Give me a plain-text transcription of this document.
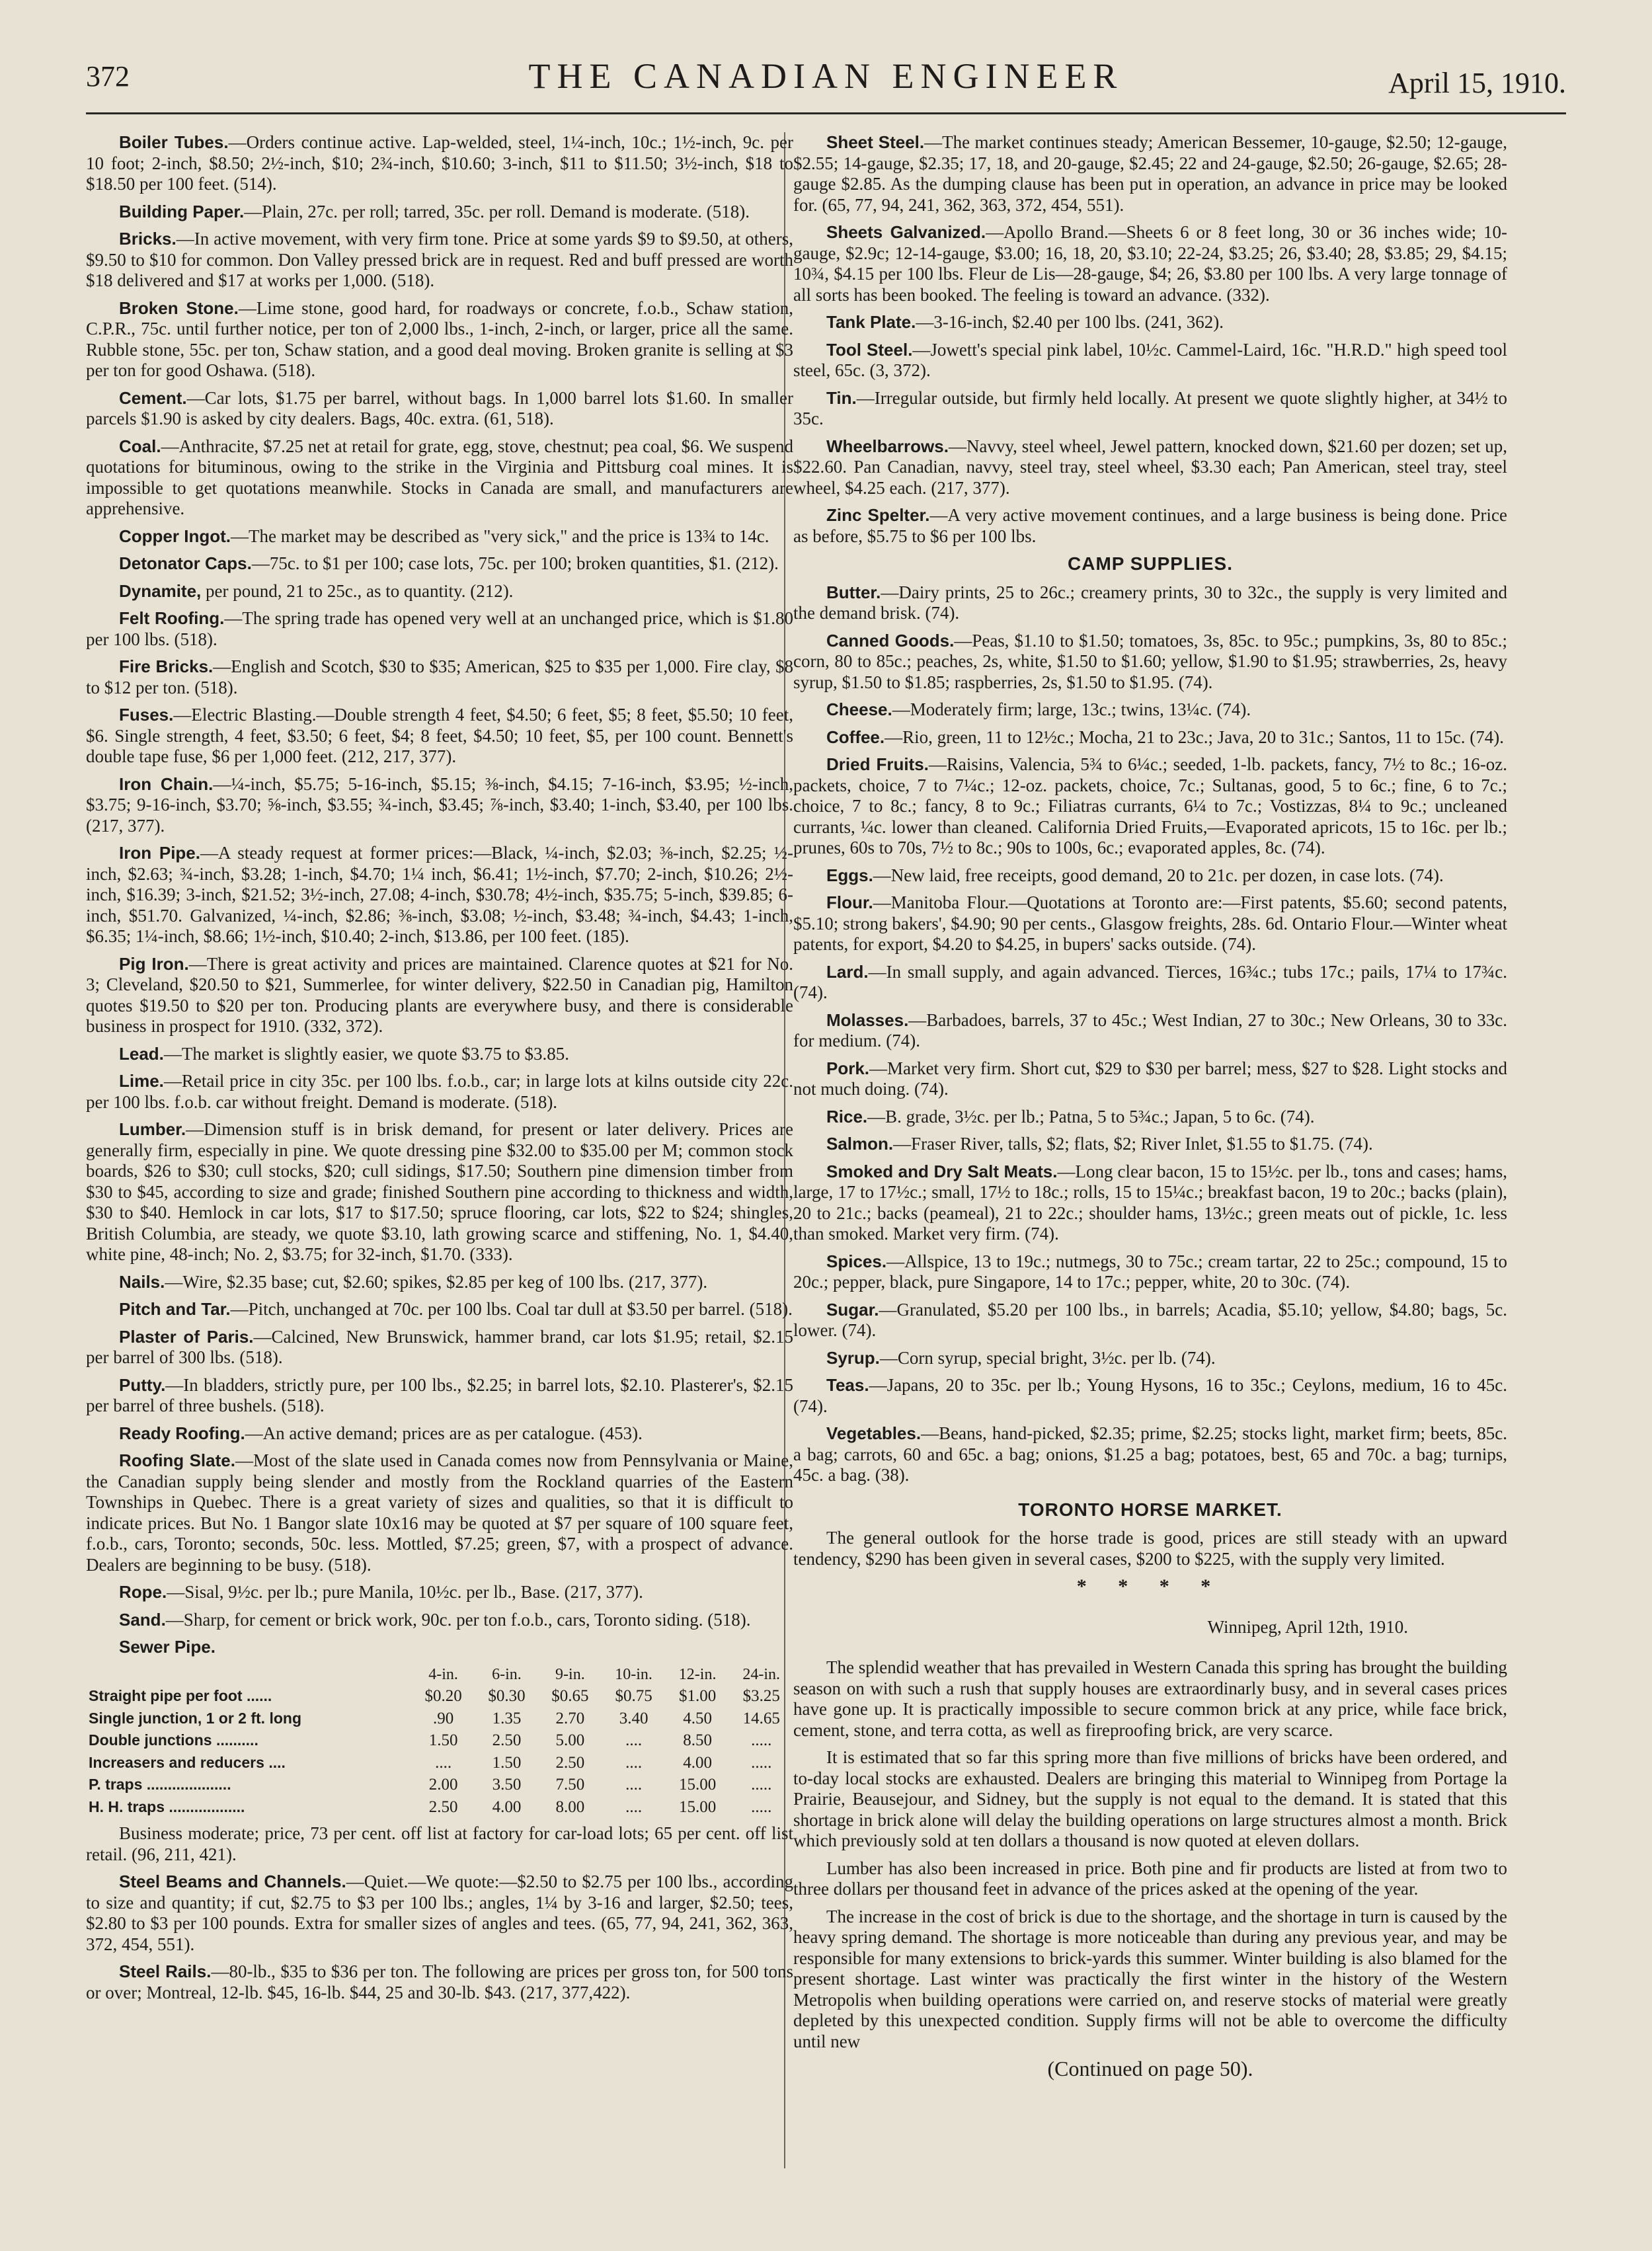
372	THE CANADIAN ENGINEER	April 15, 1910.
Boiler Tubes.—Orders continue active. Lap-welded, steel, 1¼-inch, 10c.; 1½-inch, 9c. per 10 foot; 2-inch, $8.50; 2½-inch, $10; 2¾-inch, $10.60; 3-inch, $11 to $11.50; 3½-inch, $18 to $18.50 per 100 feet. (514).
Building Paper.—Plain, 27c. per roll; tarred, 35c. per roll. Demand is moderate. (518).
Bricks.—In active movement, with very firm tone. Price at some yards $9 to $9.50, at others, $9.50 to $10 for common. Don Valley pressed brick are in request. Red and buff pressed are worth $18 delivered and $17 at works per 1,000. (518).
Broken Stone.—Lime stone, good hard, for roadways or concrete, f.o.b., Schaw station, C.P.R., 75c. until further notice, per ton of 2,000 lbs., 1-inch, 2-inch, or larger, price all the same. Rubble stone, 55c. per ton, Schaw station, and a good deal moving. Broken granite is selling at $3 per ton for good Oshawa. (518).
Cement.—Car lots, $1.75 per barrel, without bags. In 1,000 barrel lots $1.60. In smaller parcels $1.90 is asked by city dealers. Bags, 40c. extra. (61, 518).
Coal.—Anthracite, $7.25 net at retail for grate, egg, stove, chestnut; pea coal, $6. We suspend quotations for bituminous, owing to the strike in the Virginia and Pittsburg coal mines. It is impossible to get quotations meanwhile. Stocks in Canada are small, and manufacturers are apprehensive.
Copper Ingot.—The market may be described as "very sick," and the price is 13¾ to 14c.
Detonator Caps.—75c. to $1 per 100; case lots, 75c. per 100; broken quantities, $1. (212).
Dynamite, per pound, 21 to 25c., as to quantity. (212).
Felt Roofing.—The spring trade has opened very well at an unchanged price, which is $1.80 per 100 lbs. (518).
Fire Bricks.—English and Scotch, $30 to $35; American, $25 to $35 per 1,000. Fire clay, $8 to $12 per ton. (518).
Fuses.—Electric Blasting.—Double strength 4 feet, $4.50; 6 feet, $5; 8 feet, $5.50; 10 feet, $6. Single strength, 4 feet, $3.50; 6 feet, $4; 8 feet, $4.50; 10 feet, $5, per 100 count. Bennett's double tape fuse, $6 per 1,000 feet. (212, 217, 377).
Iron Chain.—¼-inch, $5.75; 5-16-inch, $5.15; ⅜-inch, $4.15; 7-16-inch, $3.95; ½-inch, $3.75; 9-16-inch, $3.70; ⅝-inch, $3.55; ¾-inch, $3.45; ⅞-inch, $3.40; 1-inch, $3.40, per 100 lbs. (217, 377).
Iron Pipe.—A steady request at former prices:—Black, ¼-inch, $2.03; ⅜-inch, $2.25; ½-inch, $2.63; ¾-inch, $3.28; 1-inch, $4.70; 1¼ inch, $6.41; 1½-inch, $7.70; 2-inch, $10.26; 2½-inch, $16.39; 3-inch, $21.52; 3½-inch, 27.08; 4-inch, $30.78; 4½-inch, $35.75; 5-inch, $39.85; 6-inch, $51.70. Galvanized, ¼-inch, $2.86; ⅜-inch, $3.08; ½-inch, $3.48; ¾-inch, $4.43; 1-inch, $6.35; 1¼-inch, $8.66; 1½-inch, $10.40; 2-inch, $13.86, per 100 feet. (185).
Pig Iron.—There is great activity and prices are maintained. Clarence quotes at $21 for No. 3; Cleveland, $20.50 to $21, Summerlee, for winter delivery, $22.50 in Canadian pig, Hamilton quotes $19.50 to $20 per ton. Producing plants are everywhere busy, and there is considerable business in prospect for 1910. (332, 372).
Lead.—The market is slightly easier, we quote $3.75 to $3.85.
Lime.—Retail price in city 35c. per 100 lbs. f.o.b., car; in large lots at kilns outside city 22c. per 100 lbs. f.o.b. car without freight. Demand is moderate. (518).
Lumber.—Dimension stuff is in brisk demand, for present or later delivery. Prices are generally firm, especially in pine. We quote dressing pine $32.00 to $35.00 per M; common stock boards, $26 to $30; cull stocks, $20; cull sidings, $17.50; Southern pine dimension timber from $30 to $45, according to size and grade; finished Southern pine according to thickness and width, $30 to $40. Hemlock in car lots, $17 to $17.50; spruce flooring, car lots, $22 to $24; shingles, British Columbia, are steady, we quote $3.10, lath growing scarce and stiffening, No. 1, $4.40, white pine, 48-inch; No. 2, $3.75; for 32-inch, $1.70. (333).
Nails.—Wire, $2.35 base; cut, $2.60; spikes, $2.85 per keg of 100 lbs. (217, 377).
Pitch and Tar.—Pitch, unchanged at 70c. per 100 lbs. Coal tar dull at $3.50 per barrel. (518).
Plaster of Paris.—Calcined, New Brunswick, hammer brand, car lots $1.95; retail, $2.15 per barrel of 300 lbs. (518).
Putty.—In bladders, strictly pure, per 100 lbs., $2.25; in barrel lots, $2.10. Plasterer's, $2.15 per barrel of three bushels. (518).
Ready Roofing.—An active demand; prices are as per catalogue. (453).
Roofing Slate.—Most of the slate used in Canada comes now from Pennsylvania or Maine, the Canadian supply being slender and mostly from the Rockland quarries of the Eastern Townships in Quebec. There is a great variety of sizes and qualities, so that it is difficult to indicate prices. But No. 1 Bangor slate 10x16 may be quoted at $7 per square of 100 square feet, f.o.b., cars, Toronto; seconds, 50c. less. Mottled, $7.25; green, $7, with a prospect of advance. Dealers are beginning to be busy. (518).
Rope.—Sisal, 9½c. per lb.; pure Manila, 10½c. per lb., Base. (217, 377).
Sand.—Sharp, for cement or brick work, 90c. per ton f.o.b., cars, Toronto siding. (518).
Sewer Pipe.
	4-in.	6-in.	9-in.	10-in.	12-in.	24-in.
Straight pipe per foot ......	$0.20	$0.30	$0.65	$0.75	$1.00	$3.25
Single junction, 1 or 2 ft. long	.90	1.35	2.70	3.40	4.50	14.65
Double junctions ..........	1.50	2.50	5.00	....	8.50	.....
Increasers and reducers ....	....	1.50	2.50	....	4.00	.....
P. traps ....................	2.00	3.50	7.50	....	15.00	.....
H. H. traps ..................	2.50	4.00	8.00	....	15.00	.....
Business moderate; price, 73 per cent. off list at factory for car-load lots; 65 per cent. off list retail. (96, 211, 421).
Steel Beams and Channels.—Quiet.—We quote:—$2.50 to $2.75 per 100 lbs., according to size and quantity; if cut, $2.75 to $3 per 100 lbs.; angles, 1¼ by 3-16 and larger, $2.50; tees, $2.80 to $3 per 100 pounds. Extra for smaller sizes of angles and tees. (65, 77, 94, 241, 362, 363, 372, 454, 551).
Steel Rails.—80-lb., $35 to $36 per ton. The following are prices per gross ton, for 500 tons or over; Montreal, 12-lb. $45, 16-lb. $44, 25 and 30-lb. $43. (217, 377,422).
Sheet Steel.—The market continues steady; American Bessemer, 10-gauge, $2.50; 12-gauge, $2.55; 14-gauge, $2.35; 17, 18, and 20-gauge, $2.45; 22 and 24-gauge, $2.50; 26-gauge, $2.65; 28-gauge $2.85. As the dumping clause has been put in operation, an advance in price may be looked for. (65, 77, 94, 241, 362, 363, 372, 454, 551).
Sheets Galvanized.—Apollo Brand.—Sheets 6 or 8 feet long, 30 or 36 inches wide; 10-gauge, $2.9c; 12-14-gauge, $3.00; 16, 18, 20, $3.10; 22-24, $3.25; 26, $3.40; 28, $3.85; 29, $4.15; 10¾, $4.15 per 100 lbs. Fleur de Lis—28-gauge, $4; 26, $3.80 per 100 lbs. A very large tonnage of all sorts has been booked. The feeling is toward an advance. (332).
Tank Plate.—3-16-inch, $2.40 per 100 lbs. (241, 362).
Tool Steel.—Jowett's special pink label, 10½c. Cammel-Laird, 16c. "H.R.D." high speed tool steel, 65c. (3, 372).
Tin.—Irregular outside, but firmly held locally. At present we quote slightly higher, at 34½ to 35c.
Wheelbarrows.—Navvy, steel wheel, Jewel pattern, knocked down, $21.60 per dozen; set up, $22.60. Pan Canadian, navvy, steel tray, steel wheel, $3.30 each; Pan American, steel tray, steel wheel, $4.25 each. (217, 377).
Zinc Spelter.—A very active movement continues, and a large business is being done. Price as before, $5.75 to $6 per 100 lbs.
CAMP SUPPLIES.
Butter.—Dairy prints, 25 to 26c.; creamery prints, 30 to 32c., the supply is very limited and the demand brisk. (74).
Canned Goods.—Peas, $1.10 to $1.50; tomatoes, 3s, 85c. to 95c.; pumpkins, 3s, 80 to 85c.; corn, 80 to 85c.; peaches, 2s, white, $1.50 to $1.60; yellow, $1.90 to $1.95; strawberries, 2s, heavy syrup, $1.50 to $1.85; raspberries, 2s, $1.50 to $1.95. (74).
Cheese.—Moderately firm; large, 13c.; twins, 13¼c. (74).
Coffee.—Rio, green, 11 to 12½c.; Mocha, 21 to 23c.; Java, 20 to 31c.; Santos, 11 to 15c. (74).
Dried Fruits.—Raisins, Valencia, 5¾ to 6¼c.; seeded, 1-lb. packets, fancy, 7½ to 8c.; 16-oz. packets, choice, 7 to 7¼c.; 12-oz. packets, choice, 7c.; Sultanas, good, 5 to 6c.; fine, 6 to 7c.; choice, 7 to 8c.; fancy, 8 to 9c.; Filiatras currants, 6¼ to 7c.; Vostizzas, 8¼ to 9c.; uncleaned currants, ¼c. lower than cleaned. California Dried Fruits,—Evaporated apricots, 15 to 16c. per lb.; prunes, 60s to 70s, 7½ to 8c.; 90s to 100s, 6c.; evaporated apples, 8c. (74).
Eggs.—New laid, free receipts, good demand, 20 to 21c. per dozen, in case lots. (74).
Flour.—Manitoba Flour.—Quotations at Toronto are:—First patents, $5.60; second patents, $5.10; strong bakers', $4.90; 90 per cents., Glasgow freights, 28s. 6d. Ontario Flour.—Winter wheat patents, for export, $4.20 to $4.25, in bupers' sacks outside. (74).
Lard.—In small supply, and again advanced. Tierces, 16¾c.; tubs 17c.; pails, 17¼ to 17¾c. (74).
Molasses.—Barbadoes, barrels, 37 to 45c.; West Indian, 27 to 30c.; New Orleans, 30 to 33c. for medium. (74).
Pork.—Market very firm. Short cut, $29 to $30 per barrel; mess, $27 to $28. Light stocks and not much doing. (74).
Rice.—B. grade, 3½c. per lb.; Patna, 5 to 5¾c.; Japan, 5 to 6c. (74).
Salmon.—Fraser River, talls, $2; flats, $2; River Inlet, $1.55 to $1.75. (74).
Smoked and Dry Salt Meats.—Long clear bacon, 15 to 15½c. per lb., tons and cases; hams, large, 17 to 17½c.; small, 17½ to 18c.; rolls, 15 to 15¼c.; breakfast bacon, 19 to 20c.; backs (plain), 20 to 21c.; backs (peameal), 21 to 22c.; shoulder hams, 13½c.; green meats out of pickle, 1c. less than smoked. Market very firm. (74).
Spices.—Allspice, 13 to 19c.; nutmegs, 30 to 75c.; cream tartar, 22 to 25c.; compound, 15 to 20c.; pepper, black, pure Singapore, 14 to 17c.; pepper, white, 20 to 30c. (74).
Sugar.—Granulated, $5.20 per 100 lbs., in barrels; Acadia, $5.10; yellow, $4.80; bags, 5c. lower. (74).
Syrup.—Corn syrup, special bright, 3½c. per lb. (74).
Teas.—Japans, 20 to 35c. per lb.; Young Hysons, 16 to 35c.; Ceylons, medium, 16 to 45c. (74).
Vegetables.—Beans, hand-picked, $2.35; prime, $2.25; stocks light, market firm; beets, 85c. a bag; carrots, 60 and 65c. a bag; onions, $1.25 a bag; potatoes, best, 65 and 70c. a bag; turnips, 45c. a bag. (38).
TORONTO HORSE MARKET.
The general outlook for the horse trade is good, prices are still steady with an upward tendency, $290 has been given in several cases, $200 to $225, with the supply very limited.
* * * *
Winnipeg, April 12th, 1910.
The splendid weather that has prevailed in Western Canada this spring has brought the building season on with such a rush that supply houses are extraordinarly busy, and in several cases prices have gone up. It is practically impossible to secure common brick at any price, while face brick, cement, stone, and terra cotta, as well as fireproofing brick, are very scarce.
It is estimated that so far this spring more than five millions of bricks have been ordered, and to-day local stocks are exhausted. Dealers are bringing this material to Winnipeg from Portage la Prairie, Beausejour, and Sidney, but the supply is not equal to the demand. It is stated that this shortage in brick alone will delay the building operations on large structures almost a month. Brick which previously sold at ten dollars a thousand is now quoted at eleven dollars.
Lumber has also been increased in price. Both pine and fir products are listed at from two to three dollars per thousand feet in advance of the prices asked at the opening of the year.
The increase in the cost of brick is due to the shortage, and the shortage in turn is caused by the heavy spring demand. The shortage is more noticeable than during any previous year, and may be responsible for many extensions to brick-yards this summer. Winter building is also blamed for the present shortage. Last winter was practically the first winter in the history of the Western Metropolis when building operations were carried on, and reserve stocks of material were greatly depleted by this unexpected condition. Supply firms will not be able to overcome the difficulty until new
(Continued on page 50).
